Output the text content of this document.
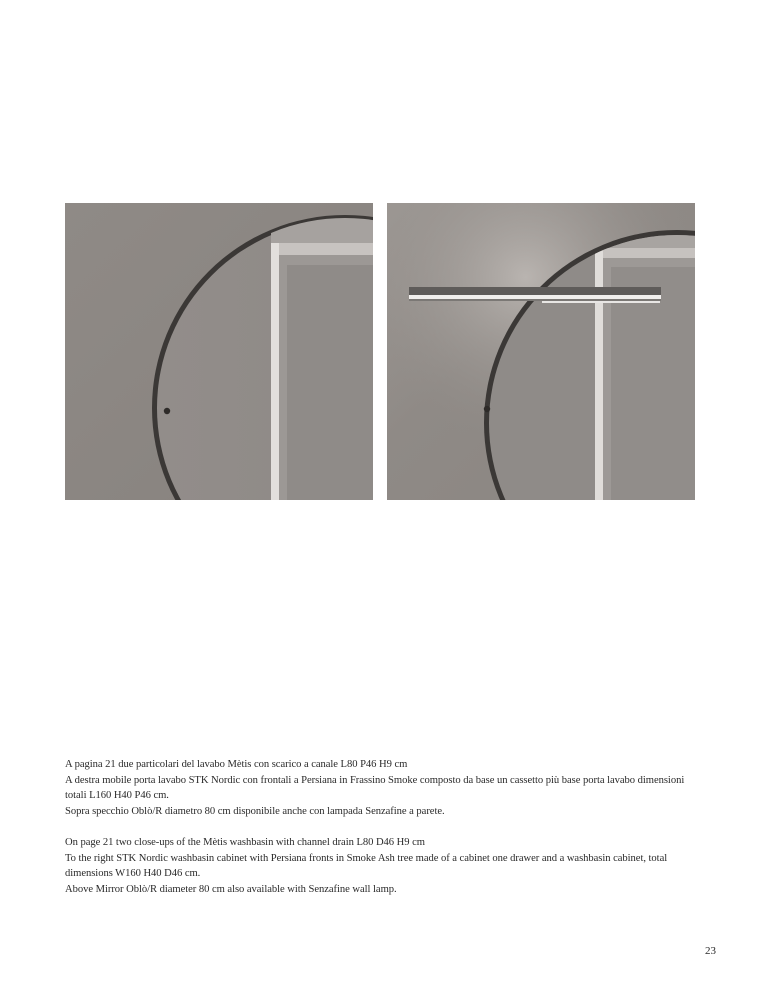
A pagina 21 due particolari del lavabo Mètis con scarico a canale L80 P46 H9 cm

A destra mobile porta lavabo STK Nordic con frontali a Persiana in Frassino Smoke composto da base un cassetto più base porta lavabo dimensioni totali L160 H40 P46 cm.

Sopra specchio Oblò/R diametro 80 cm disponibile anche con lampada Senzafine a parete.

On page 21 two close-ups of the Mètis washbasin with channel drain L80 D46 H9 cm

To the right STK Nordic washbasin cabinet with Persiana fronts in Smoke Ash tree made of a cabinet one drawer and a washbasin cabinet, total dimensions W160 H40 D46 cm.

Above Mirror Oblò/R diameter 80 cm also available with Senzafine wall lamp.

23
